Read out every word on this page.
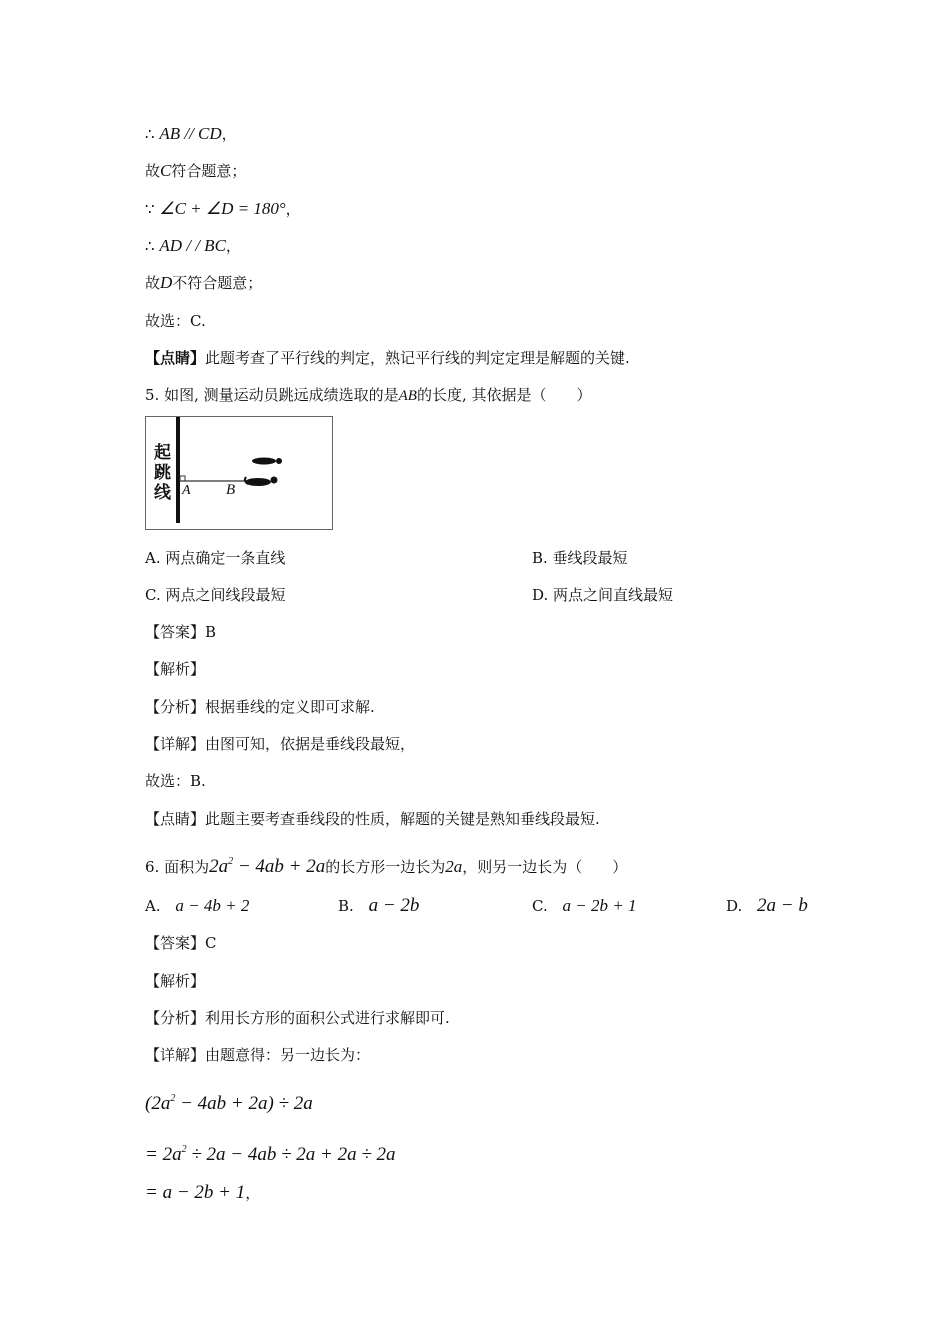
∴ AB // CD，
故C符合题意；
∵ ∠C + ∠D = 180°，
∴ AD / / BC，
故D不符合题意；
故选：C.
【点睛】此题考查了平行线的判定，熟记平行线的判定定理是解题的关键.
5. 如图, 测量运动员跳远成绩选取的是AB的长度, 其依据是（　　）
起
跳
线 A B
A. 两点确定一条直线	B. 垂线段最短
C. 两点之间线段最短	D. 两点之间直线最短
【答案】B
【解析】
【分析】根据垂线的定义即可求解.
【详解】由图可知，依据是垂线段最短，
故选：B.
【点睛】此题主要考查垂线段的性质，解题的关键是熟知垂线段最短.
6. 面积为$2a^2 - 4ab + 2a$的长方形一边长为2a，则另一边长为（　　）
A. a − 4b + 2	B. a − 2b	C. a − 2b + 1	D. 2a − b
【答案】C
【解析】
【分析】利用长方形的面积公式进行求解即可.
【详解】由题意得：另一边长为：
$(2a^2 - 4ab + 2a) \div 2a$
= $2a^2 \div 2a - 4ab \div 2a + 2a \div 2a$
= a − 2b + 1，
